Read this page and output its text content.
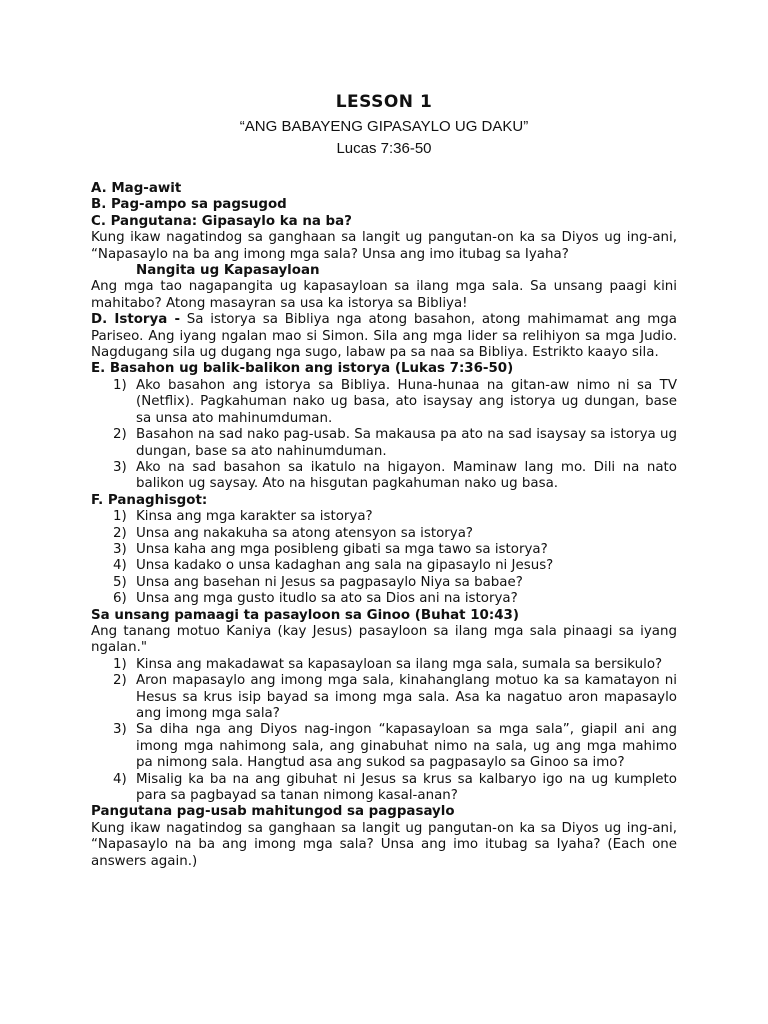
LESSON 1
“ANG BABAYENG GIPASAYLO UG DAKU”
Lucas 7:36-50

A. Mag-awit

B. Pag-ampo sa pagsugod

C. Pangutana: Gipasaylo ka na ba?

Kung ikaw nagatindog sa ganghaan sa langit ug pangutan-on ka sa Diyos ug ing-ani, “Napasaylo na ba ang imong mga sala? Unsa ang imo itubag sa Iyaha?

Nangita ug Kapasayloan

Ang mga tao nagapangita ug kapasayloan sa ilang mga sala. Sa unsang paagi kini mahitabo? Atong masayran sa usa ka istorya sa Bibliya!

D. Istorya - Sa istorya sa Bibliya nga atong basahon, atong mahimamat ang mga Pariseo. Ang iyang ngalan mao si Simon. Sila ang mga lider sa relihiyon sa mga Judio. Nagdugang sila ug dugang nga sugo, labaw pa sa naa sa Bibliya. Estrikto kaayo sila.

E. Basahon ug balik-balikon ang istorya (Lukas 7:36-50)

1) Ako basahon ang istorya sa Bibliya. Huna-hunaa na gitan-aw nimo ni sa TV (Netflix). Pagkahuman nako ug basa, ato isaysay ang istorya ug dungan, base sa unsa ato mahinumduman.
2) Basahon na sad nako pag-usab. Sa makausa pa ato na sad isaysay sa istorya ug dungan, base sa ato nahinumduman.
3) Ako na sad basahon sa ikatulo na higayon. Maminaw lang mo. Dili na nato balikon ug saysay. Ato na hisgutan pagkahuman nako ug basa.

F. Panaghisgot:

1) Kinsa ang mga karakter sa istorya?
2) Unsa ang nakakuha sa atong atensyon sa istorya?
3) Unsa kaha ang mga posibleng gibati sa mga tawo sa istorya?
4) Unsa kadako o unsa kadaghan ang sala na gipasaylo ni Jesus?
5) Unsa ang basehan ni Jesus sa pagpasaylo Niya sa babae?
6) Unsa ang mga gusto itudlo sa ato sa Dios ani na istorya?

Sa unsang pamaagi ta pasayloon sa Ginoo (Buhat 10:43)

Ang tanang motuo Kaniya (kay Jesus) pasayloon sa ilang mga sala pinaagi sa iyang ngalan."

1) Kinsa ang makadawat sa kapasayloan sa ilang mga sala, sumala sa bersikulo?
2) Aron mapasaylo ang imong mga sala, kinahanglang motuo ka sa kamatayon ni Hesus sa krus isip bayad sa imong mga sala. Asa ka nagatuo aron mapasaylo ang imong mga sala?
3) Sa diha nga ang Diyos nag-ingon “kapasayloan sa mga sala”, giapil ani ang imong mga nahimong sala, ang ginabuhat nimo na sala, ug ang mga mahimo pa nimong sala. Hangtud asa ang sukod sa pagpasaylo sa Ginoo sa imo?
4) Misalig ka ba na ang gibuhat ni Jesus sa krus sa kalbaryo igo na ug kumpleto para sa pagbayad sa tanan nimong kasal-anan?

Pangutana pag-usab mahitungod sa pagpasaylo

Kung ikaw nagatindog sa ganghaan sa langit ug pangutan-on ka sa Diyos ug ing-ani, “Napasaylo na ba ang imong mga sala? Unsa ang imo itubag sa Iyaha? (Each one answers again.)
